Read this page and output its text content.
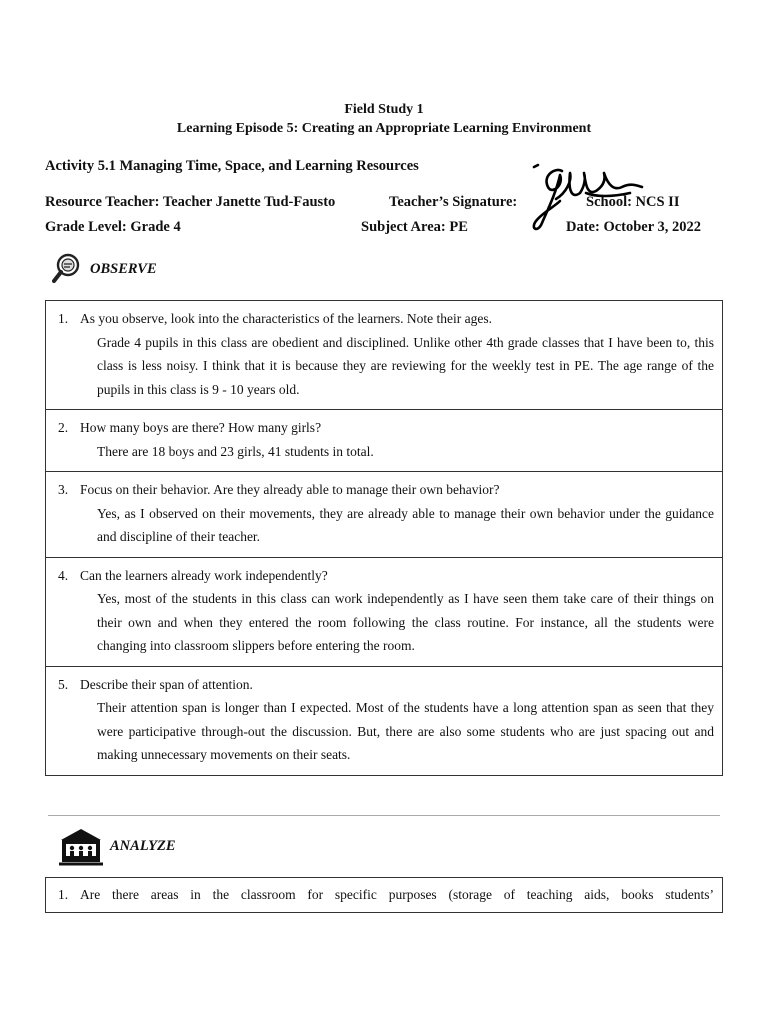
Field Study 1
Learning Episode 5: Creating an Appropriate Learning Environment
Activity 5.1 Managing Time, Space, and Learning Resources
Resource Teacher: Teacher Janette Tud-Fausto	Teacher’s Signature:	School: NCS II
Grade Level: Grade 4	Subject Area: PE	Date: October 3, 2022
OBSERVE
1. As you observe, look into the characteristics of the learners. Note their ages.
Grade 4 pupils in this class are obedient and disciplined. Unlike other 4th grade classes that I have been to, this class is less noisy. I think that it is because they are reviewing for the weekly test in PE. The age range of the pupils in this class is 9 - 10 years old.
2. How many boys are there? How many girls?
There are 18 boys and 23 girls, 41 students in total.
3. Focus on their behavior. Are they already able to manage their own behavior?
Yes, as I observed on their movements, they are already able to manage their own behavior under the guidance and discipline of their teacher.
4. Can the learners already work independently?
Yes, most of the students in this class can work independently as I have seen them take care of their things on their own and when they entered the room following the class routine. For instance, all the students were changing into classroom slippers before entering the room.
5. Describe their span of attention.
Their attention span is longer than I expected. Most of the students have a long attention span as seen that they were participative through-out the discussion. But, there are also some students who are just spacing out and making unnecessary movements on their seats.
ANALYZE
1. Are there areas in the classroom for specific purposes (storage of teaching aids, books students’
